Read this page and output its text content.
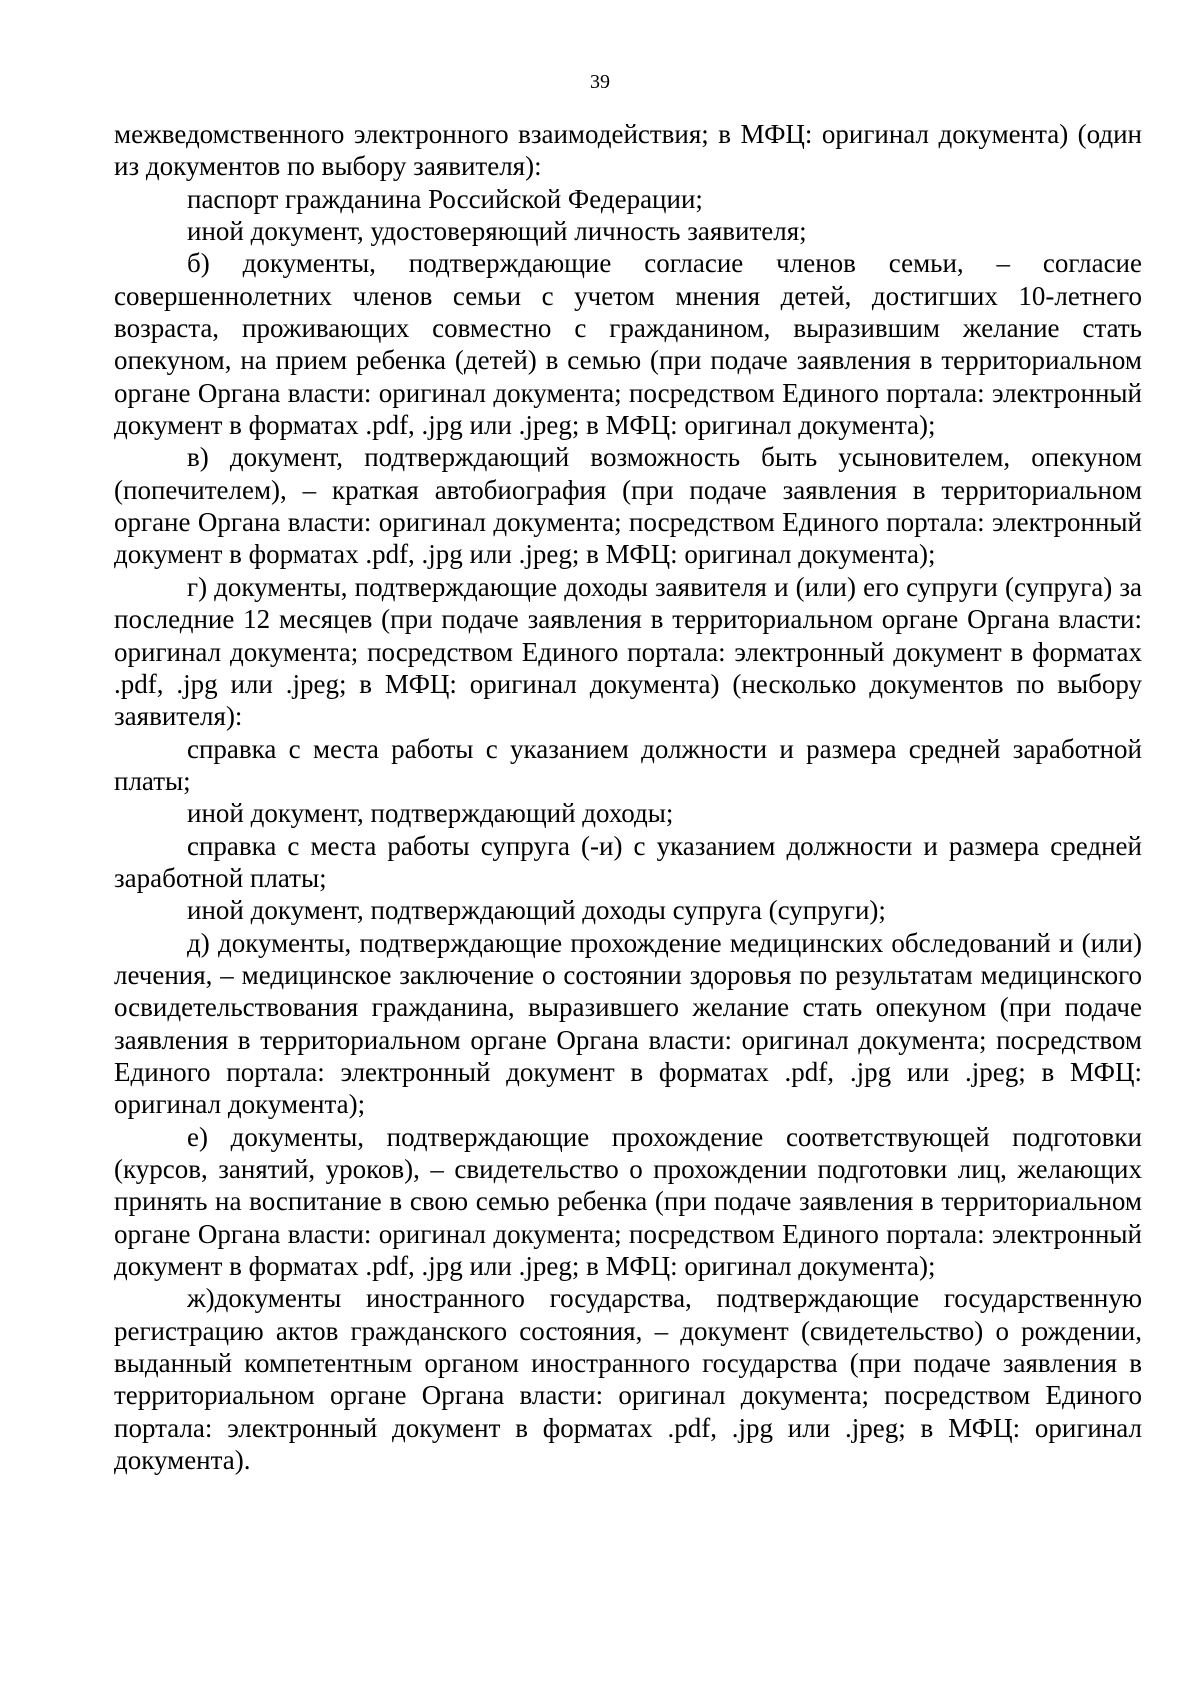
39

межведомственного электронного взаимодействия; в МФЦ: оригинал документа) (один из документов по выбору заявителя):

паспорт гражданина Российской Федерации;

иной документ, удостоверяющий личность заявителя;

б) документы, подтверждающие согласие членов семьи, – согласие совершеннолетних членов семьи с учетом мнения детей, достигших 10-летнего возраста, проживающих совместно с гражданином, выразившим желание стать опекуном, на прием ребенка (детей) в семью (при подаче заявления в территориальном органе Органа власти: оригинал документа; посредством Единого портала: электронный документ в форматах .pdf, .jpg или .jpeg; в МФЦ: оригинал документа);

в) документ, подтверждающий возможность быть усыновителем, опекуном (попечителем), – краткая автобиография (при подаче заявления в территориальном органе Органа власти: оригинал документа; посредством Единого портала: электронный документ в форматах .pdf, .jpg или .jpeg; в МФЦ: оригинал документа);

г) документы, подтверждающие доходы заявителя и (или) его супруги (супруга) за последние 12 месяцев (при подаче заявления в территориальном органе Органа власти: оригинал документа; посредством Единого портала: электронный документ в форматах .pdf, .jpg или .jpeg; в МФЦ: оригинал документа) (несколько документов по выбору заявителя):

справка с места работы с указанием должности и размера средней заработной платы;

иной документ, подтверждающий доходы;

справка с места работы супруга (-и) с указанием должности и размера средней заработной платы;

иной документ, подтверждающий доходы супруга (супруги);

д) документы, подтверждающие прохождение медицинских обследований и (или) лечения, – медицинское заключение о состоянии здоровья по результатам медицинского освидетельствования гражданина, выразившего желание стать опекуном (при подаче заявления в территориальном органе Органа власти: оригинал документа; посредством Единого портала: электронный документ в форматах .pdf, .jpg или .jpeg; в МФЦ: оригинал документа);

е) документы, подтверждающие прохождение соответствующей подготовки (курсов, занятий, уроков), – свидетельство о прохождении подготовки лиц, желающих принять на воспитание в свою семью ребенка (при подаче заявления в территориальном органе Органа власти: оригинал документа; посредством Единого портала: электронный документ в форматах .pdf, .jpg или .jpeg; в МФЦ: оригинал документа);

ж)документы иностранного государства, подтверждающие государственную регистрацию актов гражданского состояния, – документ (свидетельство) о рождении, выданный компетентным органом иностранного государства (при подаче заявления в территориальном органе Органа власти: оригинал документа; посредством Единого портала: электронный документ в форматах .pdf, .jpg или .jpeg; в МФЦ: оригинал документа).
